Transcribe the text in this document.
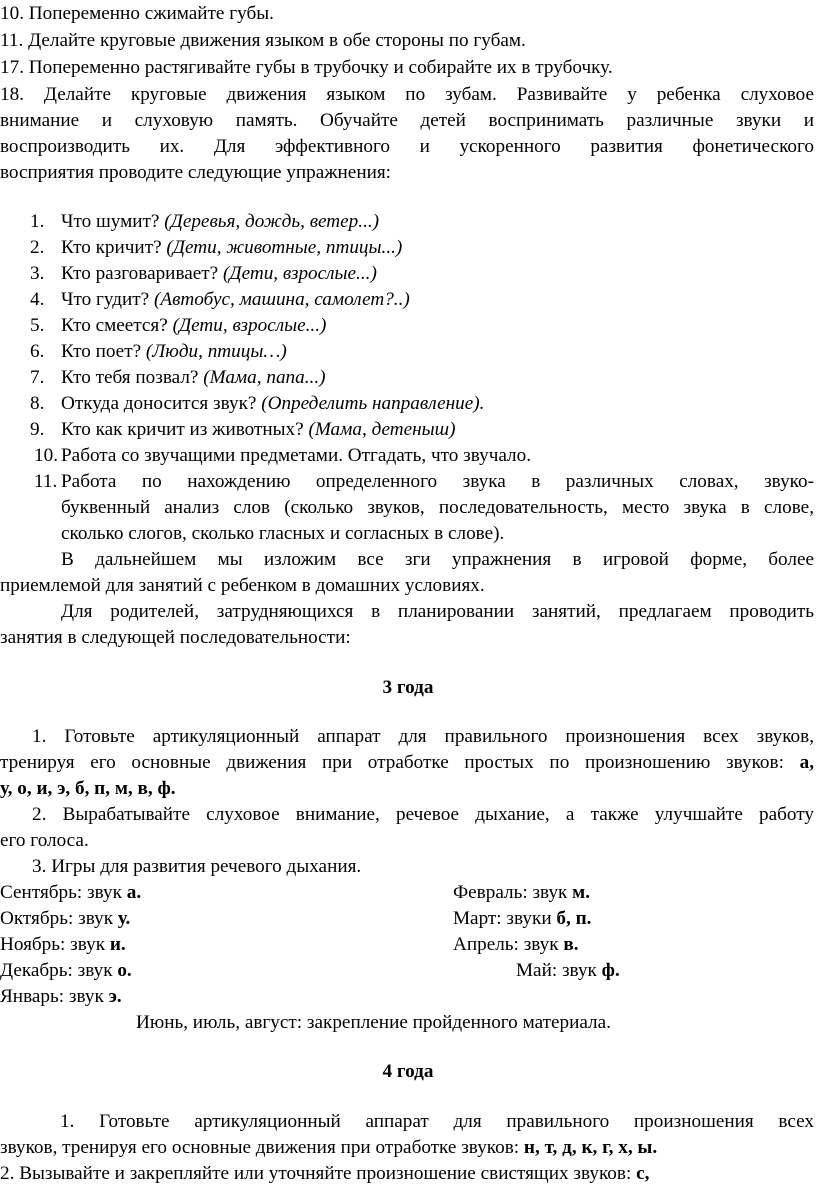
10. Попеременно сжимайте губы.
11. Делайте круговые движения языком в обе стороны по губам.
17. Попеременно растягивайте губы в трубочку и собирайте их в трубочку.
18. Делайте круговые движения языком по зубам. Развивайте у ребенка слуховое
внимание и слуховую память. Обучайте детей воспринимать различные звуки и
воспроизводить их. Для эффективного и ускоренного развития фонетического
восприятия проводите следующие упражнения:
1. Что шумит? (Деревья, дождь, ветер...)
2. Кто кричит? (Дети, животные, птицы...)
3. Кто разговаривает? (Дети, взрослые...)
4. Что гудит? (Автобус, машина, самолет?..)
5. Кто смеется? (Дети, взрослые...)
6. Кто поет? (Люди, птицы…)
7. Кто тебя позвал? (Мама, папа...)
8. Откуда доносится звук? (Определить направление).
9. Кто как кричит из животных? (Мама, детеныш)
10. Работа со звучащими предметами. Отгадать, что звучало.
11. Работа по нахождению определенного звука в различных словах, звуко-
буквенный анализ слов (сколько звуков, последовательность, место звука в слове,
сколько слогов, сколько гласных и согласных в слове).
В дальнейшем мы изложим все зги упражнения в игровой форме, более
приемлемой для занятий с ребенком в домашних условиях.
Для родителей, затрудняющихся в планировании занятий, предлагаем проводить
занятия в следующей последовательности:
3 года
1. Готовьте артикуляционный аппарат для правильного произношения всех звуков,
тренируя его основные движения при отработке простых по произношению звуков: а,
у, о, и, э, б, п, м, в, ф.
2. Вырабатывайте слуховое внимание, речевое дыхание, а также улучшайте работу
его голоса.
3. Игры для развития речевого дыхания.
Сентябрь: звук а.
Октябрь: звук у.
Ноябрь: звук и.
Декабрь: звук о.
Январь: звук э.
Февраль: звук м.
Март: звуки б, п.
Апрель: звук в.
Май: звук ф.
Июнь, июль, август: закрепление пройденного материала.
4 года
1. Готовьте артикуляционный аппарат для правильного произношения всех
звуков, тренируя его основные движения при отработке звуков: н, т, д, к, г, х, ы.
2. Вызывайте и закрепляйте или уточняйте произношение свистящих звуков: с,
